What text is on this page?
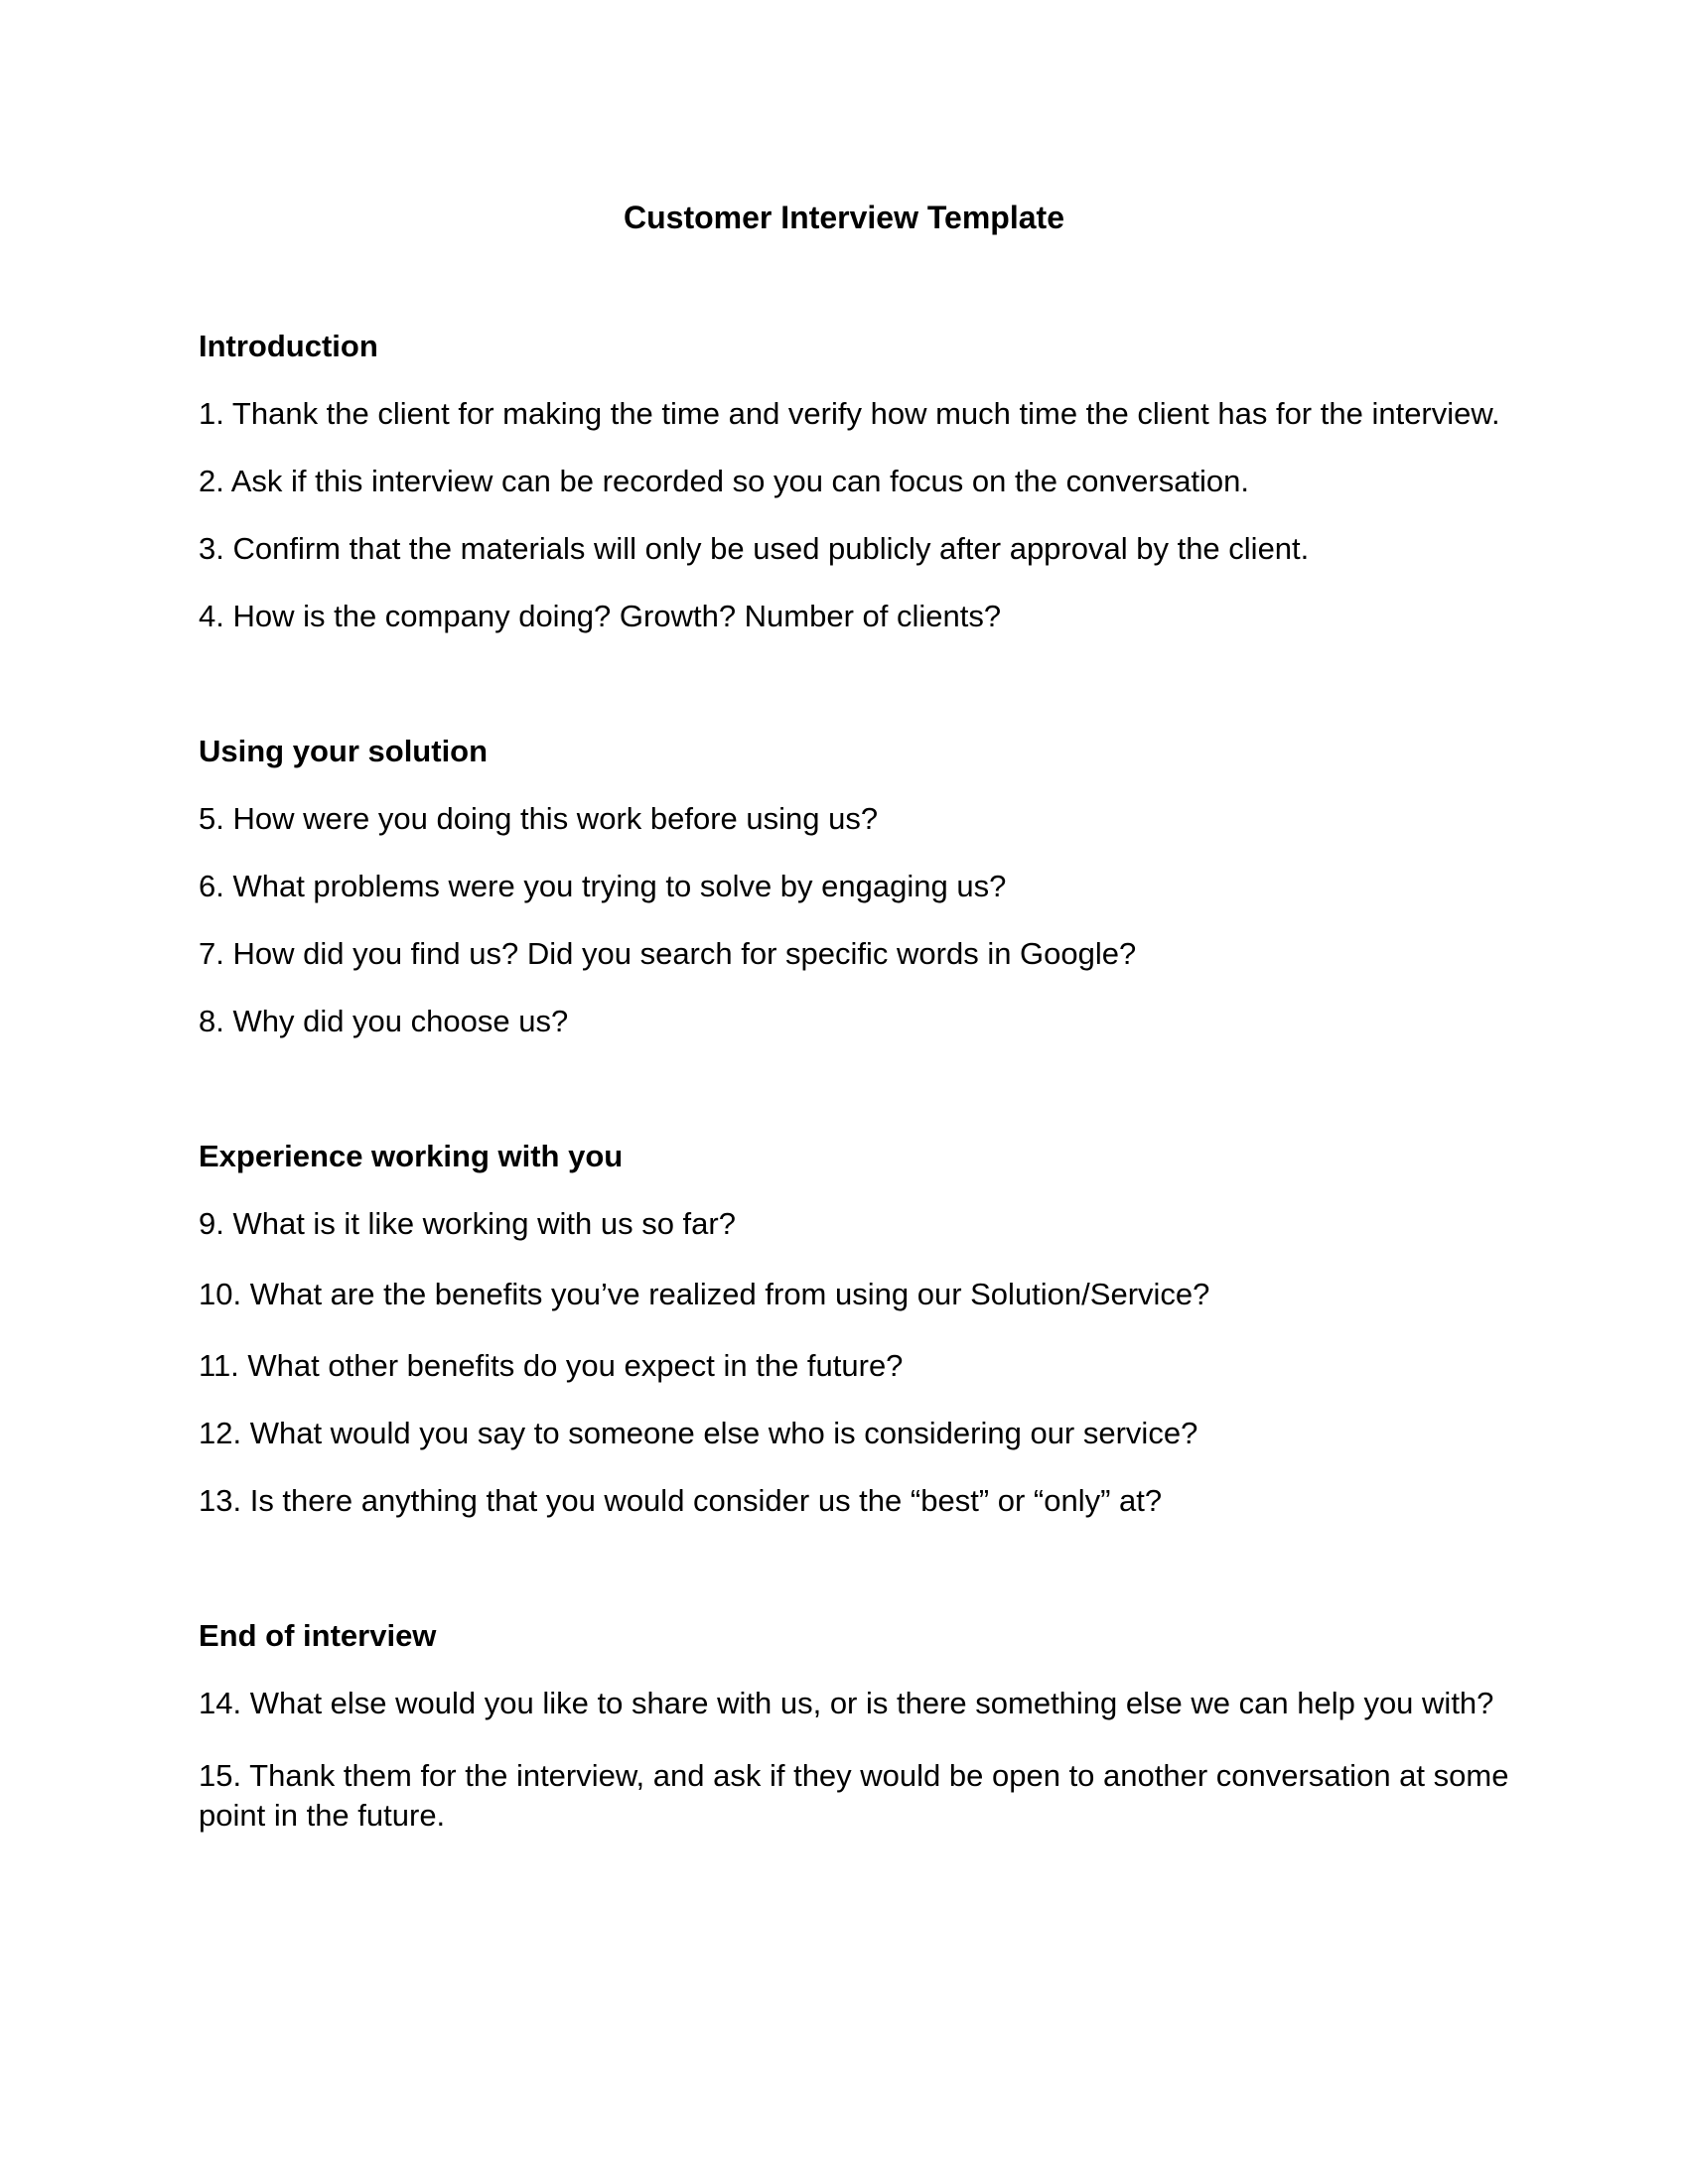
Customer Interview Template
Introduction

1. Thank the client for making the time and verify how much time the client has for the interview.

2. Ask if this interview can be recorded so you can focus on the conversation.

3. Confirm that the materials will only be used publicly after approval by the client.

4. How is the company doing? Growth? Number of clients?

Using your solution

5. How were you doing this work before using us?

6. What problems were you trying to solve by engaging us?

7. How did you find us? Did you search for specific words in Google?

8. Why did you choose us?

Experience working with you

9. What is it like working with us so far?

10. What are the benefits you’ve realized from using our Solution/Service?

11. What other benefits do you expect in the future?

12. What would you say to someone else who is considering our service?

13. Is there anything that you would consider us the “best” or “only” at?

End of interview

14. What else would you like to share with us, or is there something else we can help you with?

15. Thank them for the interview, and ask if they would be open to another conversation at some point in the future.
